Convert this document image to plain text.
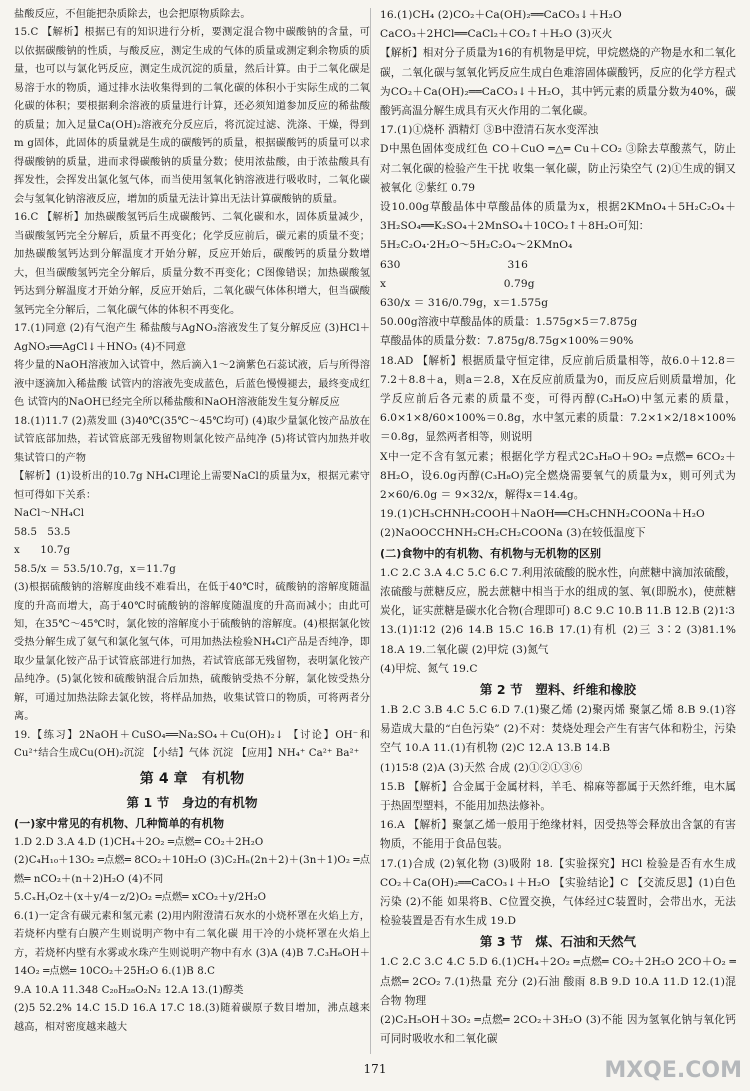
盐酸反应，不但能把杂质除去，也会把原物质除去。

15.C 【解析】根据已有的知识进行分析，要测定混合物中碳酸钠的含量，可以依据碳酸钠的性质，与酸反应，测定生成的气体的质量或测定剩余物质的质量，也可以与氯化钙反应，测定生成沉淀的质量，然后计算。由于二氧化碳是易溶于水的物质，通过排水法收集得到的二氧化碳的体积小于实际生成的二氧化碳的体积；要根据剩余溶液的质量进行计算，还必须知道参加反应的稀盐酸的质量；加入足量Ca(OH)₂溶液充分反应后，将沉淀过滤、洗涤、干燥，得到m g固体，此固体的质量就是生成的碳酸钙的质量，根据碳酸钙的质量可以求得碳酸钠的质量，进而求得碳酸钠的质量分数；使用浓盐酸，由于浓盐酸具有挥发性，会挥发出氯化氢气体，而当使用氢氧化钠溶液进行吸收时，二氧化碳会与氢氧化钠溶液反应，增加的质量无法计算出无法计算碳酸钠的质量。

16.C 【解析】加热碳酸氢钙后生成碳酸钙、二氧化碳和水，固体质量减少，当碳酸氢钙完全分解后，质量不再变化；化学反应前后，碳元素的质量不变；加热碳酸氢钙达到分解温度才开始分解，反应开始后，碳酸钙的质量分数增大，但当碳酸氢钙完全分解后，质量分数不再变化；C图像错误；加热碳酸氢钙达到分解温度才开始分解，反应开始后，二氧化碳气体体积增大，但当碳酸氢钙完全分解后，二氧化碳气体的体积不再变化。

17.(1)同意 (2)有气泡产生 稀盐酸与AgNO₃溶液发生了复分解反应 (3)HCl＋AgNO₃══AgCl↓＋HNO₃ (4)不同意

将少量的NaOH溶液加入试管中，然后滴入1～2滴紫色石蕊试液，后与所得溶液中逐滴加入稀盐酸 试管内的溶液先变成蓝色，后蓝色慢慢褪去，最终变成红色 试管内的NaOH已经完全所以稀盐酸和NaOH溶液能发生复分解反应

18.(1)11.7 (2)蒸发皿 (3)40℃(35℃～45℃均可) (4)取少量氯化铵产品放在试管底部加热，若试管底部无残留物则氯化铵产品纯净 (5)将试管内加热并收集试管口的产物

【解析】(1)设析出的10.7g NH₄Cl理论上需要NaCl的质量为x，根据元素守恒可得如下关系：

NaCl～NH₄Cl

58.5　53.5

x　　10.7g

58.5/x ＝ 53.5/10.7g，x＝11.7g

(3)根据硫酸钠的溶解度曲线不难看出，在低于40℃时，硫酸钠的溶解度随温度的升高而增大，高于40℃时硫酸钠的溶解度随温度的升高而减小；由此可知，在35℃～45℃时，氯化铵的溶解度小于硫酸钠的溶解度。(4)根据氯化铵受热分解生成了氨气和氯化氢气体，可用加热法检验NH₄Cl产品是否纯净，即取少量氯化铵产品于试管底部进行加热，若试管底部无残留物，表明氯化铵产品纯净。(5)氯化铵和硫酸钠混合后加热，硫酸钠受热不分解，氯化铵受热分解，可通过加热法除去氯化铵，将样品加热，收集试管口的物质，可将两者分离。

19.【练习】2NaOH＋CuSO₄══Na₂SO₄＋Cu(OH)₂↓ 【讨论】OH⁻和Cu²⁺结合生成Cu(OH)₂沉淀 【小结】气体 沉淀 【应用】NH₄⁺ Ca²⁺ Ba²⁺

第 4 章　有机物
第 1 节　身边的有机物
(一)家中常见的有机物、几种简单的有机物

1.D 2.D 3.A 4.D (1)CH₄＋2O₂ ═点燃═ CO₂＋2H₂O

(2)C₄H₁₀＋13O₂ ═点燃═ 8CO₂＋10H₂O (3)C₂Hₙ(2n＋2)＋(3n＋1)O₂ ═点燃═ nCO₂＋(n＋2)H₂O (4)不同

5.CₓHᵧOz＋(x＋y/4－z/2)O₂ ═点燃═ xCO₂＋y/2H₂O

6.(1)一定含有碳元素和氢元素 (2)用内附澄清石灰水的小烧杯罩在火焰上方，若烧杯内壁有白膜产生则说明产物中有二氧化碳 用干冷的小烧杯罩在火焰上方，若烧杯内壁有水雾或水珠产生则说明产物中有水 (3)A (4)B 7.C₃H₆OH＋14O₂ ═点燃═ 10CO₂＋25H₂O 6.(1)B 8.C

9.A 10.A 11.348 C₂₀H₂₈O₂N₂ 12.A 13.(1)醇类

(2)5 52.2% 14.C 15.D 16.A 17.C 18.(3)随着碳原子数目增加，沸点越来越高，相对密度越来越大

16.(1)CH₄ (2)CO₂＋Ca(OH)₂══CaCO₃↓＋H₂O

CaCO₃＋2HCl══CaCl₂＋CO₂↑＋H₂O (3)灭火

【解析】相对分子质量为16的有机物是甲烷，甲烷燃烧的产物是水和二氧化碳，二氧化碳与氢氧化钙反应生成白色难溶固体碳酸钙，反应的化学方程式为CO₂＋Ca(OH)₂══CaCO₃↓＋H₂O，其中钙元素的质量分数为40%，碳酸钙高温分解生成具有灭火作用的二氧化碳。

17.(1)①烧杯 酒精灯 ③B中澄清石灰水变浑浊

D中黑色固体变成红色 CO＋CuO ═△═ Cu＋CO₂ ③除去草酸蒸气，防止对二氧化碳的检验产生干扰 收集一氧化碳，防止污染空气 (2)①生成的铜又被氧化 ②紫红 0.79

设10.00g草酸晶体中草酸晶体的质量为x，根据2KMnO₄＋5H₂C₂O₄＋3H₂SO₄══K₂SO₄＋2MnSO₄＋10CO₂↑＋8H₂O可知：

5H₂C₂O₄·2H₂O～5H₂C₂O₄～2KMnO₄

630　　　　　　　　　　316

x　　　　　　　　　　　0.79g

630/x ＝ 316/0.79g，x＝1.575g

50.00g溶液中草酸晶体的质量：1.575g×5＝7.875g

草酸晶体的质量分数：7.875g/8.75g×100%＝90%

18.AD 【解析】根据质量守恒定律，反应前后质量相等，故6.0＋12.8＝7.2＋8.8＋a，则a＝2.8，X在反应前质量为0，而反应后则质量增加，化学反应前后各元素的质量不变，可得丙醇(C₃H₈O)中氢元素的质量，6.0×1×8/60×100%＝0.8g，水中氢元素的质量：7.2×1×2/18×100%＝0.8g，显然两者相等，则说明

X中一定不含有氢元素；根据化学方程式2C₃H₈O＋9O₂ ═点燃═ 6CO₂＋8H₂O，设6.0g丙醇(C₃H₈O)完全燃烧需要氧气的质量为x，则可列式为2×60/6.0g ＝ 9×32/x，解得x＝14.4g。

19.(1)CH₃CHNH₂COOH＋NaOH══CH₃CHNH₂COONa＋H₂O

(2)NaOOCCHNH₂CH₂CH₂COONa (3)在较低温度下

(二)食物中的有机物、有机物与无机物的区别

1.C 2.C 3.A 4.C 5.C 6.C 7.利用浓硫酸的脱水性，向蔗糖中滴加浓硫酸，浓硫酸与蔗糖反应，脱去蔗糖中相当于水的组成的氢、氧(即脱水)，使蔗糖炭化，证实蔗糖是碳水化合物(合理即可) 8.C 9.C 10.B 11.B 12.B (2)1∶3

13.(1)1∶12 (2)6 14.B 15.C 16.B 17.(1)有机 (2)三 3∶2 (3)81.1% 18.A 19.二氧化碳 (2)甲烷 (3)氮气

(4)甲烷、氮气 19.C

第 2 节　塑料、纤维和橡胶

1.B 2.C 3.B 4.C 5.C 6.D 7.(1)聚乙烯 (2)聚丙烯 聚氯乙烯 8.B 9.(1)容易造成大量的“白色污染” (2)不对：焚烧处理会产生有害气体和粉尘，污染空气 10.A 11.(1)有机物 (2)C 12.A 13.B 14.B

(1)15∶8 (2)A (3)天然 合成 (2)①②①③⑥

15.B 【解析】合金属于金属材料，羊毛、棉麻等都属于天然纤维，电木属于热固型塑料，不能用加热法修补。

16.A 【解析】聚氯乙烯一般用于绝缘材料，因受热等会释放出含氯的有害物质，不能用于食品包装。

17.(1)合成 (2)氧化物 (3)吸附 18.【实验探究】HCl 检验是否有水生成 CO₂＋Ca(OH)₂══CaCO₃↓＋H₂O 【实验结论】C 【交流反思】(1)白色污染 (2)不能 如果将B、C位置交换，气体经过C装置时，会带出水，无法检验装置是否有水生成 19.D

第 3 节　煤、石油和天然气

1.C 2.C 3.C 4.C 5.D 6.(1)CH₄＋2O₂ ═点燃═ CO₂＋2H₂O 2CO＋O₂ ═点燃═ 2CO₂ 7.(1)热量 充分 (2)石油 酸雨 8.B 9.D 10.A 11.D 12.(1)混合物 物理

(2)C₂H₅OH＋3O₂ ═点燃═ 2CO₂＋3H₂O (3)不能 因为氢氧化钠与氧化钙可同时吸收水和二氧化碳

171	MXQE.COM
